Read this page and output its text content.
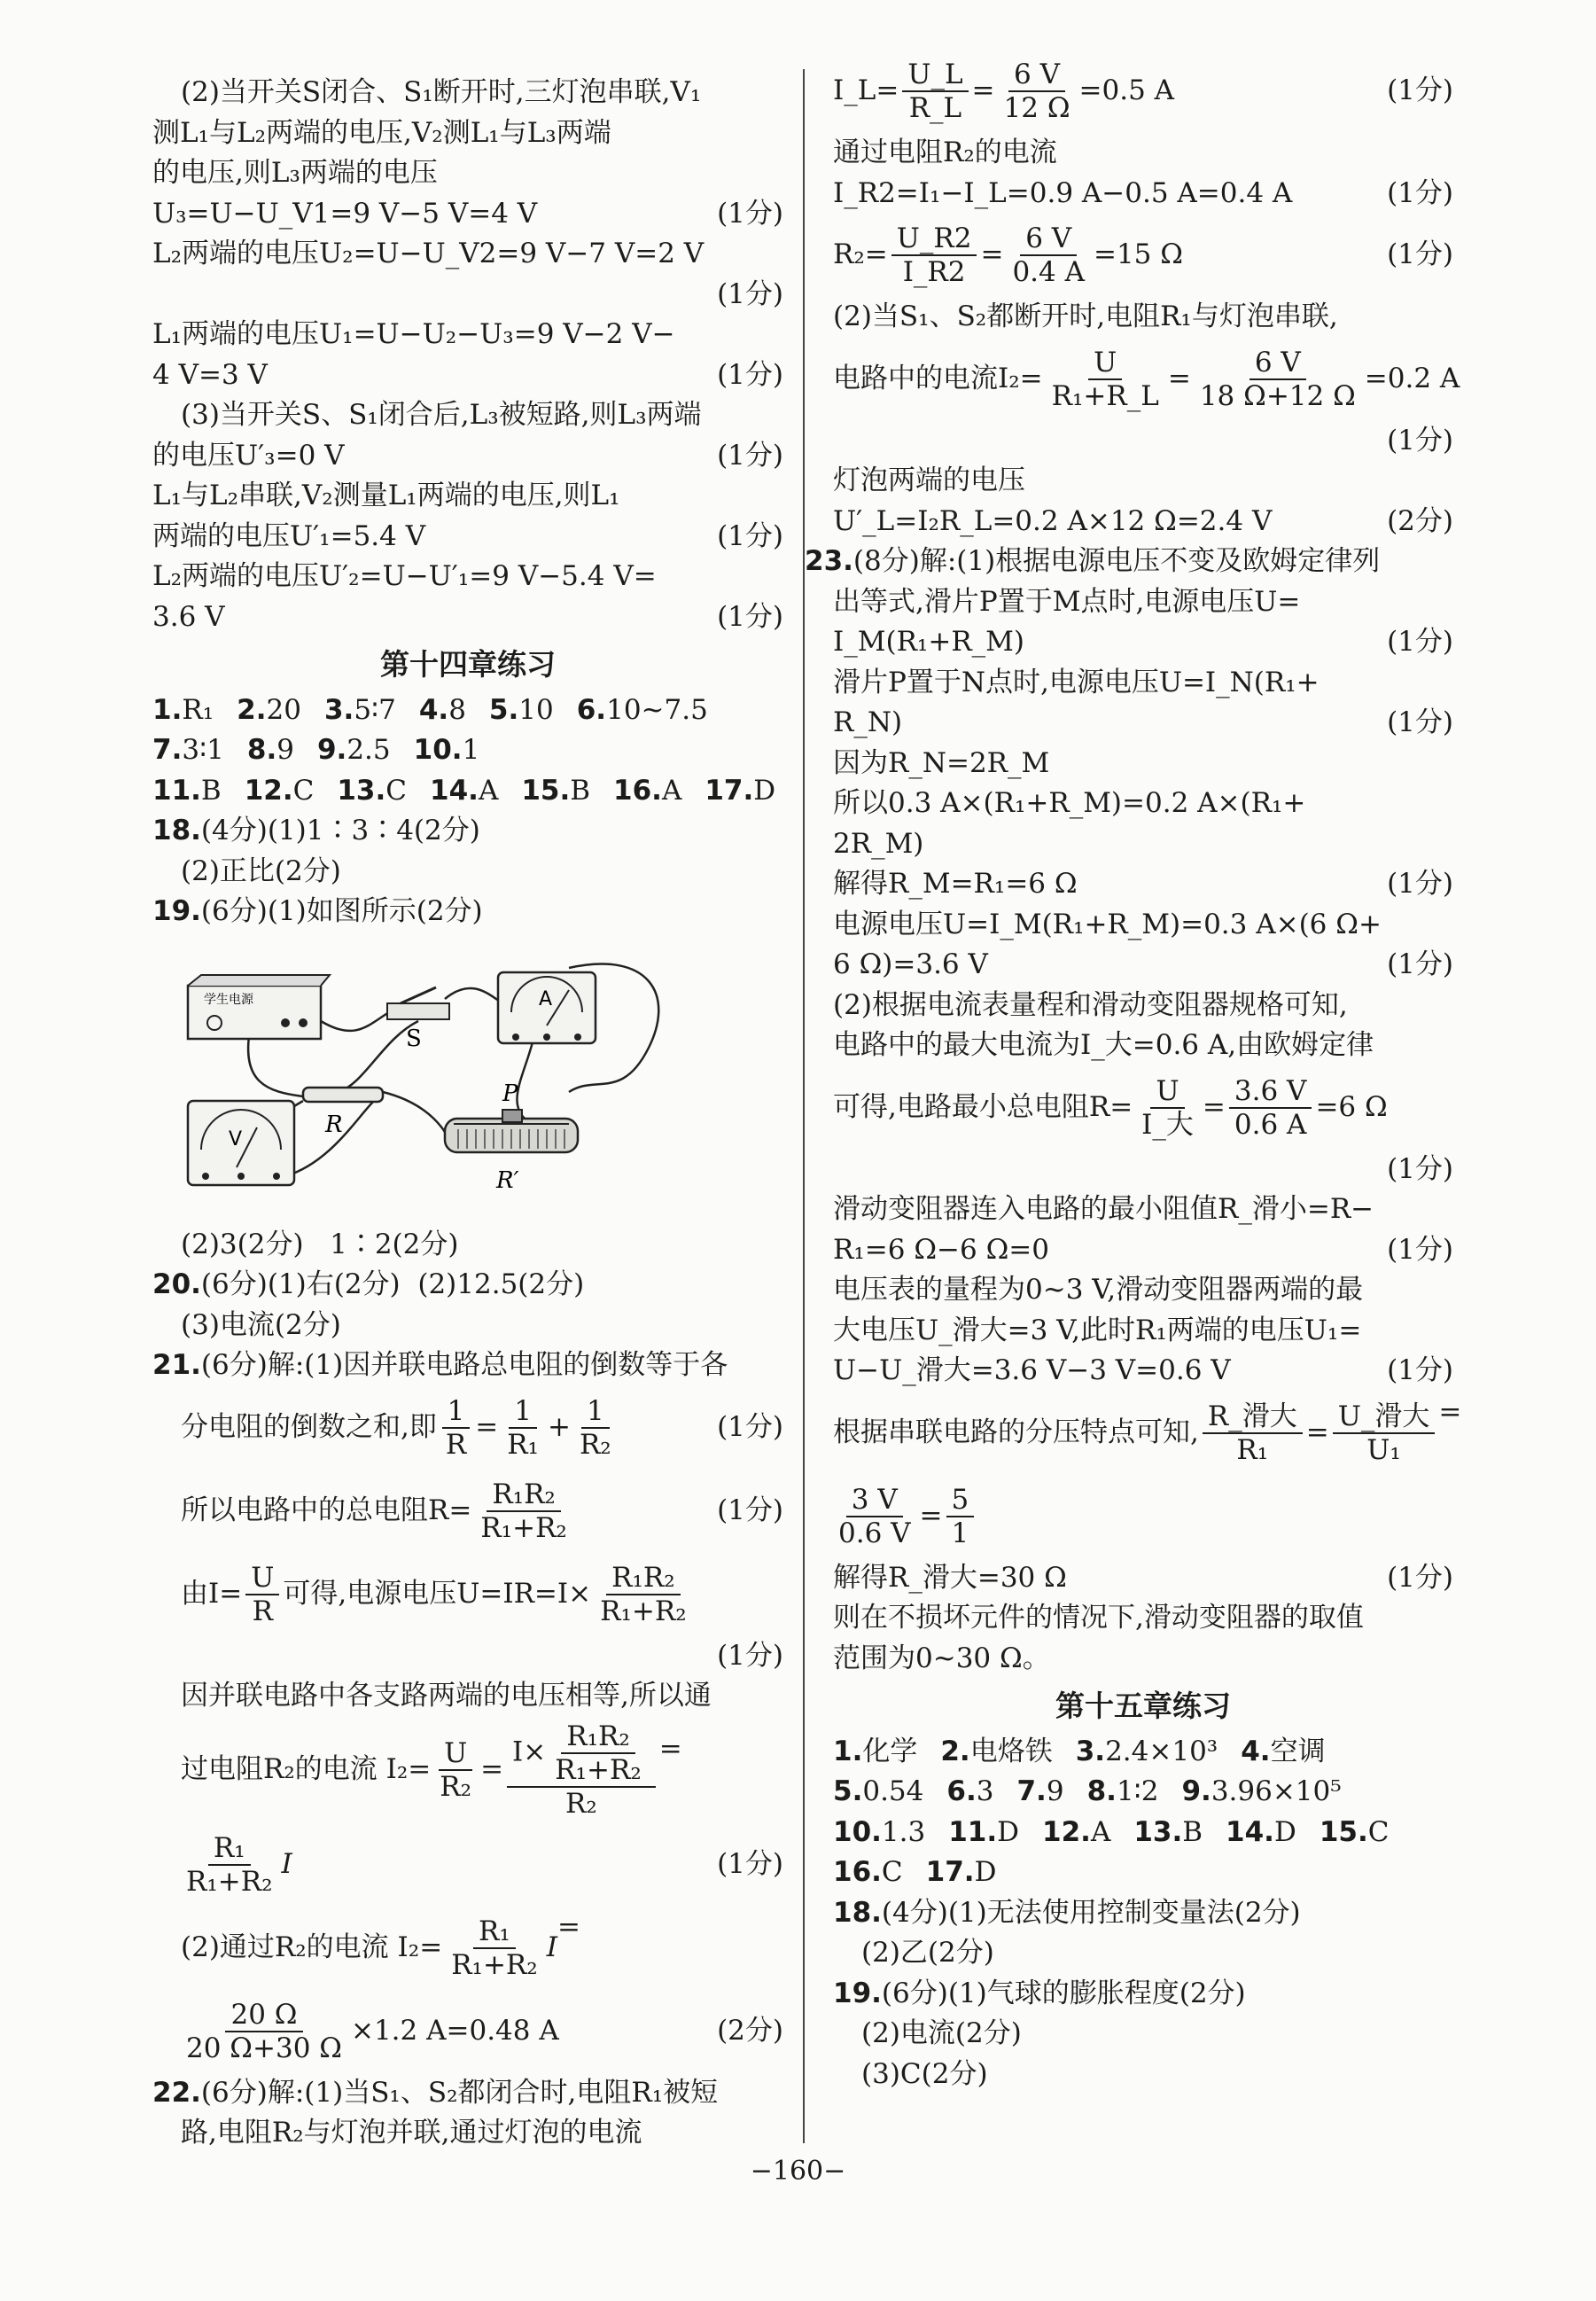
(2)当开关S闭合、S₁断开时,三灯泡串联,V₁
测L₁与L₂两端的电压,V₂测L₁与L₃两端
的电压,则L₃两端的电压
U₃=U−U_V1=9 V−5 V=4 V	(1分)
L₂两端的电压U₂=U−U_V2=9 V−7 V=2 V
(1分)
L₁两端的电压U₁=U−U₂−U₃=9 V−2 V−
4 V=3 V	(1分)
(3)当开关S、S₁闭合后,L₃被短路,则L₃两端
的电压U′₃=0 V	(1分)
L₁与L₂串联,V₂测量L₁两端的电压,则L₁
两端的电压U′₁=5.4 V	(1分)
L₂两端的电压U′₂=U−U′₁=9 V−5.4 V=
3.6 V	(1分)
第十四章练习
1.R₁ 2.20 3.5∶7 4.8 5.10 6.10~7.5
7.3∶1 8.9 9.2.5 10.1
11.B 12.C 13.C 14.A 15.B 16.A 17.D
18.(4分)(1)1∶3∶4(2分)
(2)正比(2分)
19.(6分)(1)如图所示(2分)
学生电源
S
A
R
V
P
R′
(2)3(2分)   1∶2(2分)
20.(6分)(1)右(2分)  (2)12.5(2分)
(3)电流(2分)
21.(6分)解:(1)因并联电路总电阻的倒数等于各
分电阻的倒数之和,即 $\frac{1}{R} = \frac{1}{\text{R₁}} + \frac{1}{\text{R₂}}$	(1分)
所以电路中的总电阻$R= \frac{\text{R₁R₂}}{\text{R₁+R₂}}$	(1分)
由$I= \frac{U}{R}$ 可得,电源电压$U=IR=I\times \frac{\text{R₁R₂}}{\text{R₁+R₂}}$
(1分)
因并联电路中各支路两端的电压相等,所以通
过电阻R₂的电流 $I_2= \frac{U}{\text{R₂}} = \frac{I\times \frac{\text{R₁R₂}}{\text{R₁+R₂}}}{\text{R₂}}$ =

$\frac{\text{R₁}}{\text{R₁+R₂}}$ I	(1分)
(2)通过R₂的电流 $I_2= \frac{\text{R₁}}{\text{R₁+R₂}}$ I
=

$\frac{20 \Omega}{20 \Omega+30 \Omega} \times 1.2$ A=0.48 A	(2分)
22.(6分)解:(1)当S₁、S₂都闭合时,电阻R₁被短
路,电阻R₂与灯泡并联,通过灯泡的电流
I_L= $\frac{U\_L}{R\_L} = \frac{6 V}{12 \Omega} =0.5$ A	(1分)
通过电阻R₂的电流
I_R2=I₁−I_L=0.9 A−0.5 A=0.4 A	(1分)
$R_2= \frac{U\_R2}{I\_R2} = \frac{6 V}{0.4 A} =15$ Ω	(1分)
(2)当S₁、S₂都断开时,电阻R₁与灯泡串联,
电路中的电流$I_2= \frac{U}{\text{R₁+R\_L}} = \frac{6 V}{18 \Omega+12 \Omega} =0.2$ A
(1分)
灯泡两端的电压
U′_L=I₂R_L=0.2 A×12 Ω=2.4 V	(2分)
23.(8分)解:(1)根据电源电压不变及欧姆定律列
出等式,滑片P置于M点时,电源电压U=
I_M(R₁+R_M)	(1分)
滑片P置于N点时,电源电压U=I_N(R₁+
R_N)	(1分)
因为R_N=2R_M
所以0.3 A×(R₁+R_M)=0.2 A×(R₁+
2R_M)
解得R_M=R₁=6 Ω	(1分)
电源电压U=I_M(R₁+R_M)=0.3 A×(6 Ω+
6 Ω)=3.6 V	(1分)
(2)根据电流表量程和滑动变阻器规格可知,
电路中的最大电流为I_大=0.6 A,由欧姆定律
可得,电路最小总电阻$R= \frac{U}{\text{I\_大}} = \frac{3.6 V}{0.6 A} =6$ Ω
(1分)
滑动变阻器连入电路的最小阻值R_滑小=R−
R₁=6 Ω−6 Ω=0	(1分)
电压表的量程为0~3 V,滑动变阻器两端的最
大电压U_滑大=3 V,此时R₁两端的电压U₁=
U−U_滑大=3.6 V−3 V=0.6 V	(1分)
根据串联电路的分压特点可知, $\frac{\text{R\_滑大}}{\text{R₁}} = \frac{\text{U\_滑大}}{\text{U₁}}$ =

$\frac{3 V}{0.6 V} = \frac{5}{1}$
解得R_滑大=30 Ω	(1分)
则在不损坏元件的情况下,滑动变阻器的取值
范围为0~30 Ω。
第十五章练习
1.化学 2.电烙铁 3.2.4×10³ 4.空调
5.0.54 6.3 7.9 8.1∶2 9.3.96×10⁵
10.1.3 11.D 12.A 13.B 14.D 15.C
16.C 17.D
18.(4分)(1)无法使用控制变量法(2分)
(2)乙(2分)
19.(6分)(1)气球的膨胀程度(2分)
(2)电流(2分)
(3)C(2分)
−160−
